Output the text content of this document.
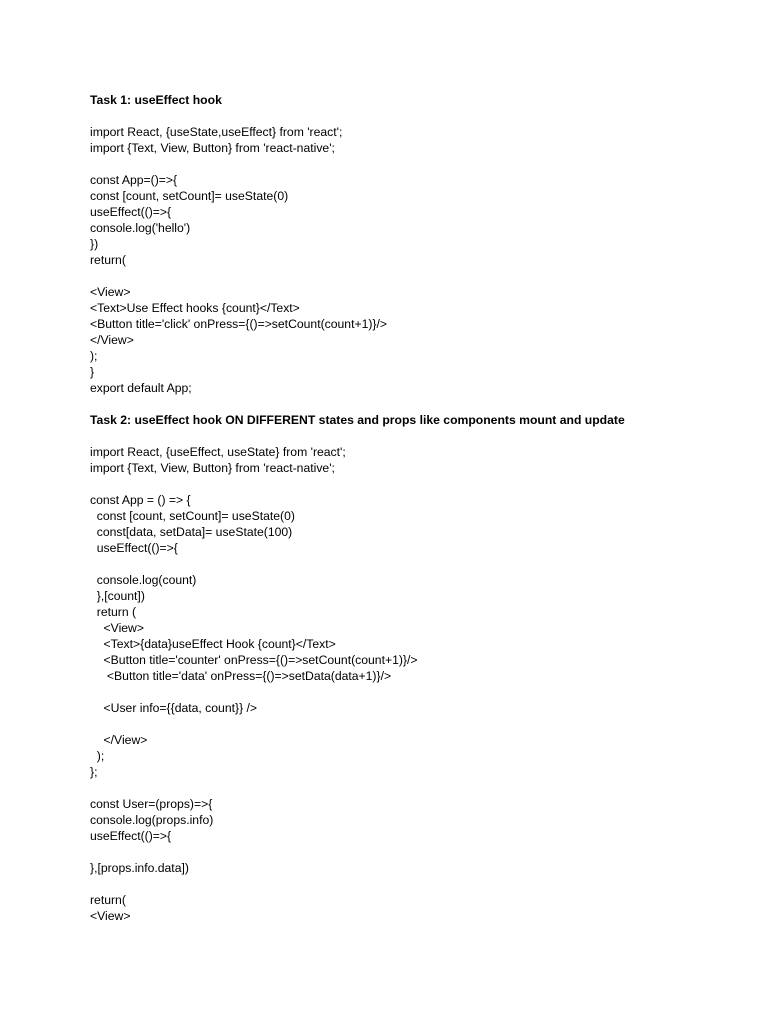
Task 1: useEffect hook
import React, {useState,useEffect} from 'react';
import {Text, View, Button} from 'react-native';
const App=()=>{
const [count, setCount]= useState(0)
useEffect(()=>{
console.log('hello')
})
return(
<View>
<Text>Use Effect hooks {count}</Text>
<Button title='click' onPress={()=>setCount(count+1)}/>
</View>
);
}
export default App;
Task 2: useEffect hook ON DIFFERENT states and props like components mount and update
import React, {useEffect, useState} from 'react';
import {Text, View, Button} from 'react-native';
const App = () => {
const [count, setCount]= useState(0)
const[data, setData]= useState(100)
useEffect(()=>{
console.log(count)
},[count])
return (
<View>
<Text>{data}useEffect Hook {count}</Text>
<Button title='counter' onPress={()=>setCount(count+1)}/>
<Button title='data' onPress={()=>setData(data+1)}/>
<User info={{data, count}} />
</View>
);
};
const User=(props)=>{
console.log(props.info)
useEffect(()=>{
},[props.info.data])
return(
<View>
